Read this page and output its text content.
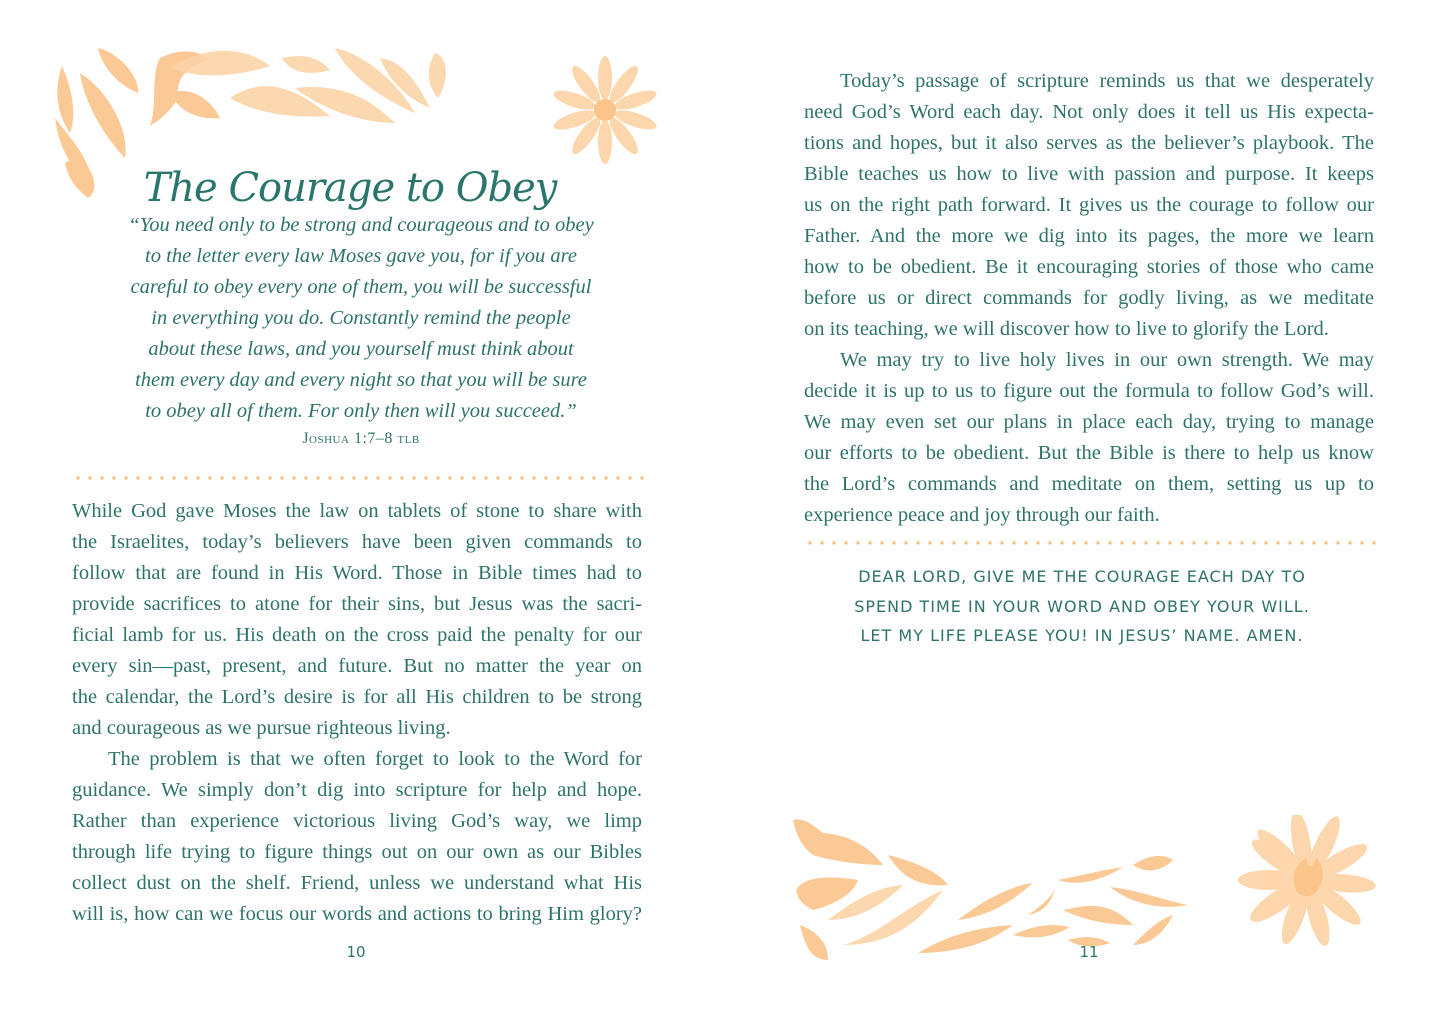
The Courage to Obey
“You need only to be strong and courageous and to obey
to the letter every law Moses gave you, for if you are
careful to obey every one of them, you will be successful
in everything you do. Constantly remind the people
about these laws, and you yourself must think about
them every day and every night so that you will be sure
to obey all of them. For only then will you succeed.”
Joshua 1:7–8 tlb
While God gave Moses the law on tablets of stone to share with
the Israelites, today’s believers have been given commands to
follow that are found in His Word. Those in Bible times had to
provide sacrifices to atone for their sins, but Jesus was the sacri-
ficial lamb for us. His death on the cross paid the penalty for our
every sin—past, present, and future. But no matter the year on
the calendar, the Lord’s desire is for all His children to be strong
and courageous as we pursue righteous living.
The problem is that we often forget to look to the Word for
guidance. We simply don’t dig into scripture for help and hope.
Rather than experience victorious living God’s way, we limp
through life trying to figure things out on our own as our Bibles
collect dust on the shelf. Friend, unless we understand what His
will is, how can we focus our words and actions to bring Him glory?
10
Today’s passage of scripture reminds us that we desperately
need God’s Word each day. Not only does it tell us His expecta-
tions and hopes, but it also serves as the believer’s playbook. The
Bible teaches us how to live with passion and purpose. It keeps
us on the right path forward. It gives us the courage to follow our
Father. And the more we dig into its pages, the more we learn
how to be obedient. Be it encouraging stories of those who came
before us or direct commands for godly living, as we meditate
on its teaching, we will discover how to live to glorify the Lord.
We may try to live holy lives in our own strength. We may
decide it is up to us to figure out the formula to follow God’s will.
We may even set our plans in place each day, trying to manage
our efforts to be obedient. But the Bible is there to help us know
the Lord’s commands and meditate on them, setting us up to
experience peace and joy through our faith.
DEAR LORD, GIVE ME THE COURAGE EACH DAY TO
SPEND TIME IN YOUR WORD AND OBEY YOUR WILL.
LET MY LIFE PLEASE YOU! IN JESUS’ NAME. AMEN.
11
